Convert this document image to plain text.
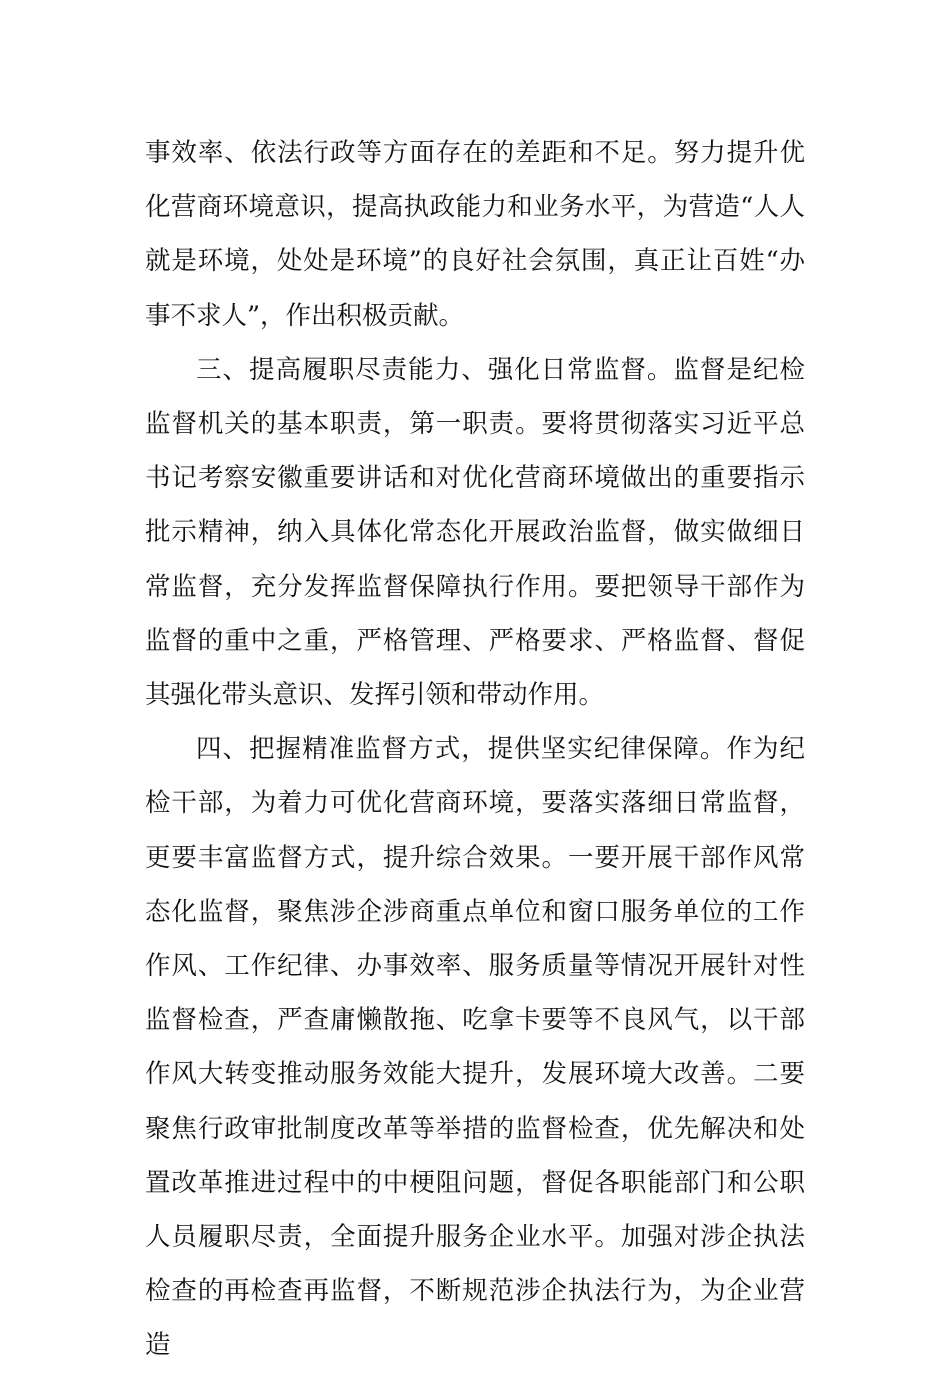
事效率、依法行政等方面存在的差距和不足。努力提升优化营商环境意识，提高执政能力和业务水平，为营造“人人就是环境，处处是环境”的良好社会氛围，真正让百姓“办事不求人”，作出积极贡献。

三、提高履职尽责能力、强化日常监督。监督是纪检监督机关的基本职责，第一职责。要将贯彻落实习近平总书记考察安徽重要讲话和对优化营商环境做出的重要指示批示精神，纳入具体化常态化开展政治监督，做实做细日常监督，充分发挥监督保障执行作用。要把领导干部作为监督的重中之重，严格管理、严格要求、严格监督、督促其强化带头意识、发挥引领和带动作用。

四、把握精准监督方式，提供坚实纪律保障。作为纪检干部，为着力可优化营商环境，要落实落细日常监督，更要丰富监督方式，提升综合效果。一要开展干部作风常态化监督，聚焦涉企涉商重点单位和窗口服务单位的工作作风、工作纪律、办事效率、服务质量等情况开展针对性监督检查，严查庸懒散拖、吃拿卡要等不良风气，以干部作风大转变推动服务效能大提升，发展环境大改善。二要聚焦行政审批制度改革等举措的监督检查，优先解决和处置改革推进过程中的中梗阻问题，督促各职能部门和公职人员履职尽责，全面提升服务企业水平。加强对涉企执法检查的再检查再监督，不断规范涉企执法行为，为企业营造
